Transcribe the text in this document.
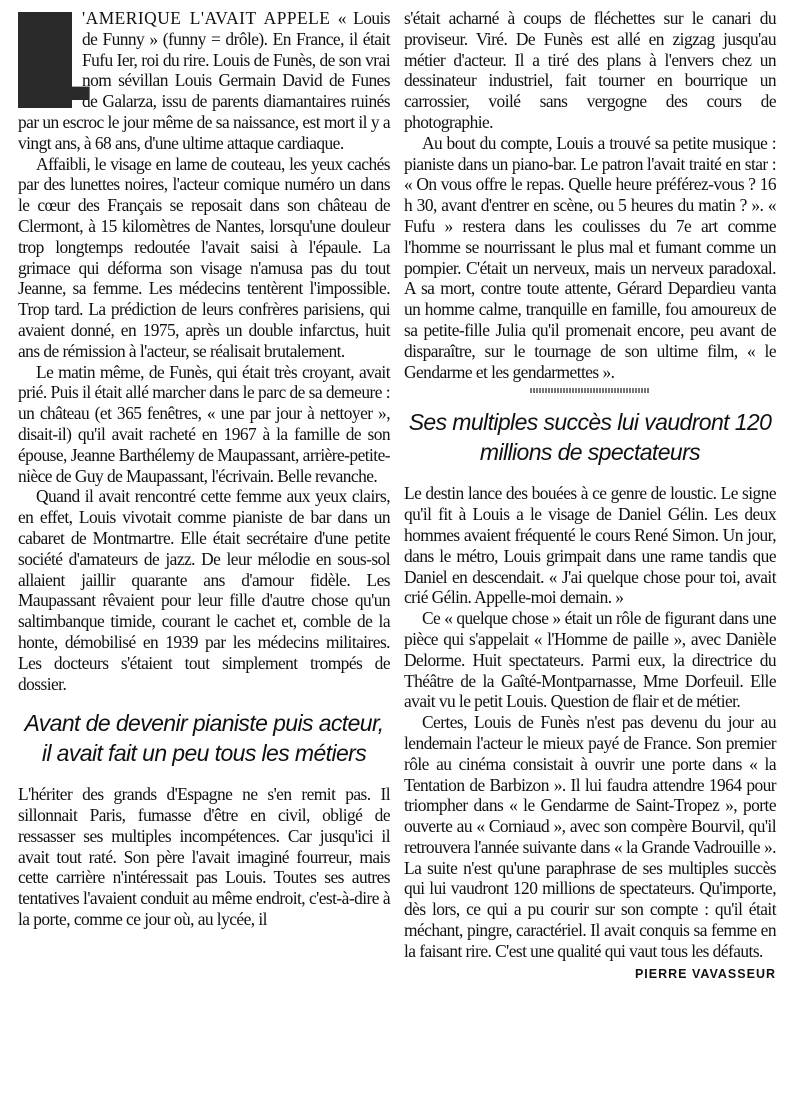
L

'AMERIQUE L'AVAIT APPELE « Louis de Funny » (funny = drôle). En France, il était Fufu Ier, roi du rire. Louis de Funès, de son vrai nom sévillan Louis Germain David de Funes de Galarza, issu de parents diamantaires ruinés par un escroc le jour même de sa naissance, est mort il y a vingt ans, à 68 ans, d'une ultime attaque cardiaque.

Affaibli, le visage en lame de couteau, les yeux cachés par des lunettes noires, l'acteur comique numéro un dans le cœur des Français se reposait dans son château de Clermont, à 15 kilomètres de Nantes, lorsqu'une douleur trop longtemps redoutée l'avait saisi à l'épaule. La grimace qui déforma son visage n'amusa pas du tout Jeanne, sa femme. Les médecins tentèrent l'impossible. Trop tard. La prédiction de leurs confrères parisiens, qui avaient donné, en 1975, après un double infarctus, huit ans de rémission à l'acteur, se réalisait brutalement.

Le matin même, de Funès, qui était très croyant, avait prié. Puis il était allé marcher dans le parc de sa demeure : un château (et 365 fenêtres, « une par jour à nettoyer », disait-il) qu'il avait racheté en 1967 à la famille de son épouse, Jeanne Barthélemy de Maupassant, arrière-petite-nièce de Guy de Maupassant, l'écrivain. Belle revanche.

Quand il avait rencontré cette femme aux yeux clairs, en effet, Louis vivotait comme pianiste de bar dans un cabaret de Montmartre. Elle était secrétaire d'une petite société d'amateurs de jazz. De leur mélodie en sous-sol allaient jaillir quarante ans d'amour fidèle. Les Maupassant rêvaient pour leur fille d'autre chose qu'un saltimbanque timide, courant le cachet et, comble de la honte, démobilisé en 1939 par les médecins militaires. Les docteurs s'étaient tout simplement trompés de dossier.

Avant de devenir pianiste puis acteur, il avait fait un peu tous les métiers

L'hériter des grands d'Espagne ne s'en remit pas. Il sillonnait Paris, fumasse d'être en civil, obligé de ressasser ses multiples incompétences. Car jusqu'ici il avait tout raté. Son père l'avait imaginé fourreur, mais cette carrière n'intéressait pas Louis. Toutes ses autres tentatives l'avaient conduit au même endroit, c'est-à-dire à la porte, comme ce jour où, au lycée, il

s'était acharné à coups de fléchettes sur le canari du proviseur. Viré. De Funès est allé en zigzag jusqu'au métier d'acteur. Il a tiré des plans à l'envers chez un dessinateur industriel, fait tourner en bourrique un carrossier, voilé sans vergogne des cours de photographie.

Au bout du compte, Louis a trouvé sa petite musique : pianiste dans un piano-bar. Le patron l'avait traité en star : « On vous offre le repas. Quelle heure préférez-vous ? 16 h 30, avant d'entrer en scène, ou 5 heures du matin ? ». « Fufu » restera dans les coulisses du 7e art comme l'homme se nourrissant le plus mal et fumant comme un pompier. C'était un nerveux, mais un nerveux paradoxal. A sa mort, contre toute attente, Gérard Depardieu vanta un homme calme, tranquille en famille, fou amoureux de sa petite-fille Julia qu'il promenait encore, peu avant de disparaître, sur le tournage de son ultime film, « le Gendarme et les gendarmettes ».

Ses multiples succès lui vaudront 120 millions de spectateurs

Le destin lance des bouées à ce genre de loustic. Le signe qu'il fit à Louis a le visage de Daniel Gélin. Les deux hommes avaient fréquenté le cours René Simon. Un jour, dans le métro, Louis grimpait dans une rame tandis que Daniel en descendait. « J'ai quelque chose pour toi, avait crié Gélin. Appelle-moi demain. »

Ce « quelque chose » était un rôle de figurant dans une pièce qui s'appelait « l'Homme de paille », avec Danièle Delorme. Huit spectateurs. Parmi eux, la directrice du Théâtre de la Gaîté-Montparnasse, Mme Dorfeuil. Elle avait vu le petit Louis. Question de flair et de métier.

Certes, Louis de Funès n'est pas devenu du jour au lendemain l'acteur le mieux payé de France. Son premier rôle au cinéma consistait à ouvrir une porte dans « la Tentation de Barbizon ». Il lui faudra attendre 1964 pour triompher dans « le Gendarme de Saint-Tropez », porte ouverte au « Corniaud », avec son compère Bourvil, qu'il retrouvera l'année suivante dans « la Grande Vadrouille ». La suite n'est qu'une paraphrase de ses multiples succès qui lui vaudront 120 millions de spectateurs. Qu'importe, dès lors, ce qui a pu courir sur son compte : qu'il était méchant, pingre, caractériel. Il avait conquis sa femme en la faisant rire. C'est une qualité qui vaut tous les défauts.

PIERRE VAVASSEUR
